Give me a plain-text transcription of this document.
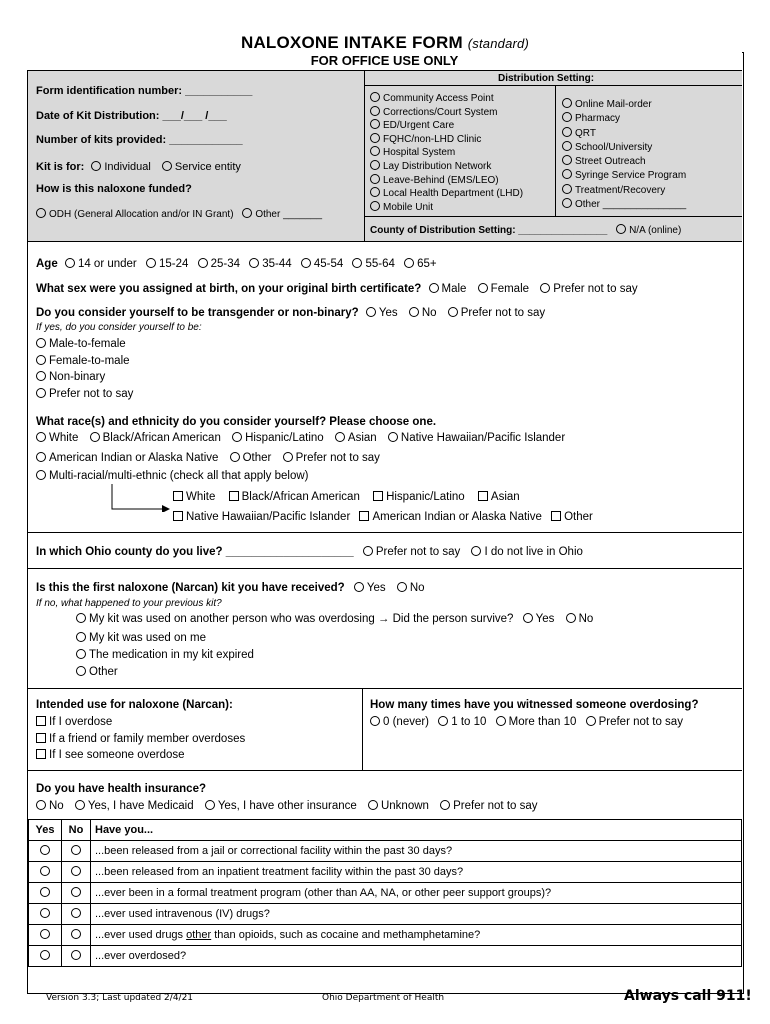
NALOXONE INTAKE FORM (standard)
Form identification number: ___________
Date of Kit Distribution: ___/___ /___
Number of kits provided: ____________
Kit is for: Individual Service entity
How is this naloxone funded?
ODH (General Allocation and/or IN Grant) Other _______
Distribution Setting:
Community Access Point
Corrections/Court System
ED/Urgent Care
FQHC/non-LHD Clinic
Hospital System
Lay Distribution Network
Leave-Behind (EMS/LEO)
Local Health Department (LHD)
Mobile Unit
Online Mail-order
Pharmacy
QRT
School/University
Street Outreach
Syringe Service Program
Treatment/Recovery
Other _______________
County of Distribution Setting: ________________ N/A (online)
FOR OFFICE USE ONLY
Age 14 or under 15-24 25-34 35-44 45-54 55-64 65+
What sex were you assigned at birth, on your original birth certificate? Male Female Prefer not to say
Do you consider yourself to be transgender or non-binary? Yes No Prefer not to say
If yes, do you consider yourself to be:
Male-to-female
Female-to-male
Non-binary
Prefer not to say
What race(s) and ethnicity do you consider yourself? Please choose one.
White Black/African American Hispanic/Latino Asian Native Hawaiian/Pacific Islander
American Indian or Alaska Native Other Prefer not to say
Multi-racial/multi-ethnic (check all that apply below)
White Black/African American Hispanic/Latino Asian
Native Hawaiian/Pacific Islander American Indian or Alaska Native Other
In which Ohio county do you live? ____________________ Prefer not to say I do not live in Ohio
Is this the first naloxone (Narcan) kit you have received? Yes No
If no, what happened to your previous kit?
My kit was used on another person who was overdosing → Did the person survive? Yes No
My kit was used on me
The medication in my kit expired
Other
Intended use for naloxone (Narcan):
If I overdose
If a friend or family member overdoses
If I see someone overdose
How many times have you witnessed someone overdosing?
0 (never) 1 to 10 More than 10 Prefer not to say
Do you have health insurance?
No Yes, I have Medicaid Yes, I have other insurance Unknown Prefer not to say
Yes	No	Have you...
		...been released from a jail or correctional facility within the past 30 days?
		...been released from an inpatient treatment facility within the past 30 days?
		...ever been in a formal treatment program (other than AA, NA, or other peer support groups)?
		...ever used intravenous (IV) drugs?
		...ever used drugs other than opioids, such as cocaine and methamphetamine?
		...ever overdosed?
Version 3.3; Last updated 2/4/21	Ohio Department of Health	Always call 911!
